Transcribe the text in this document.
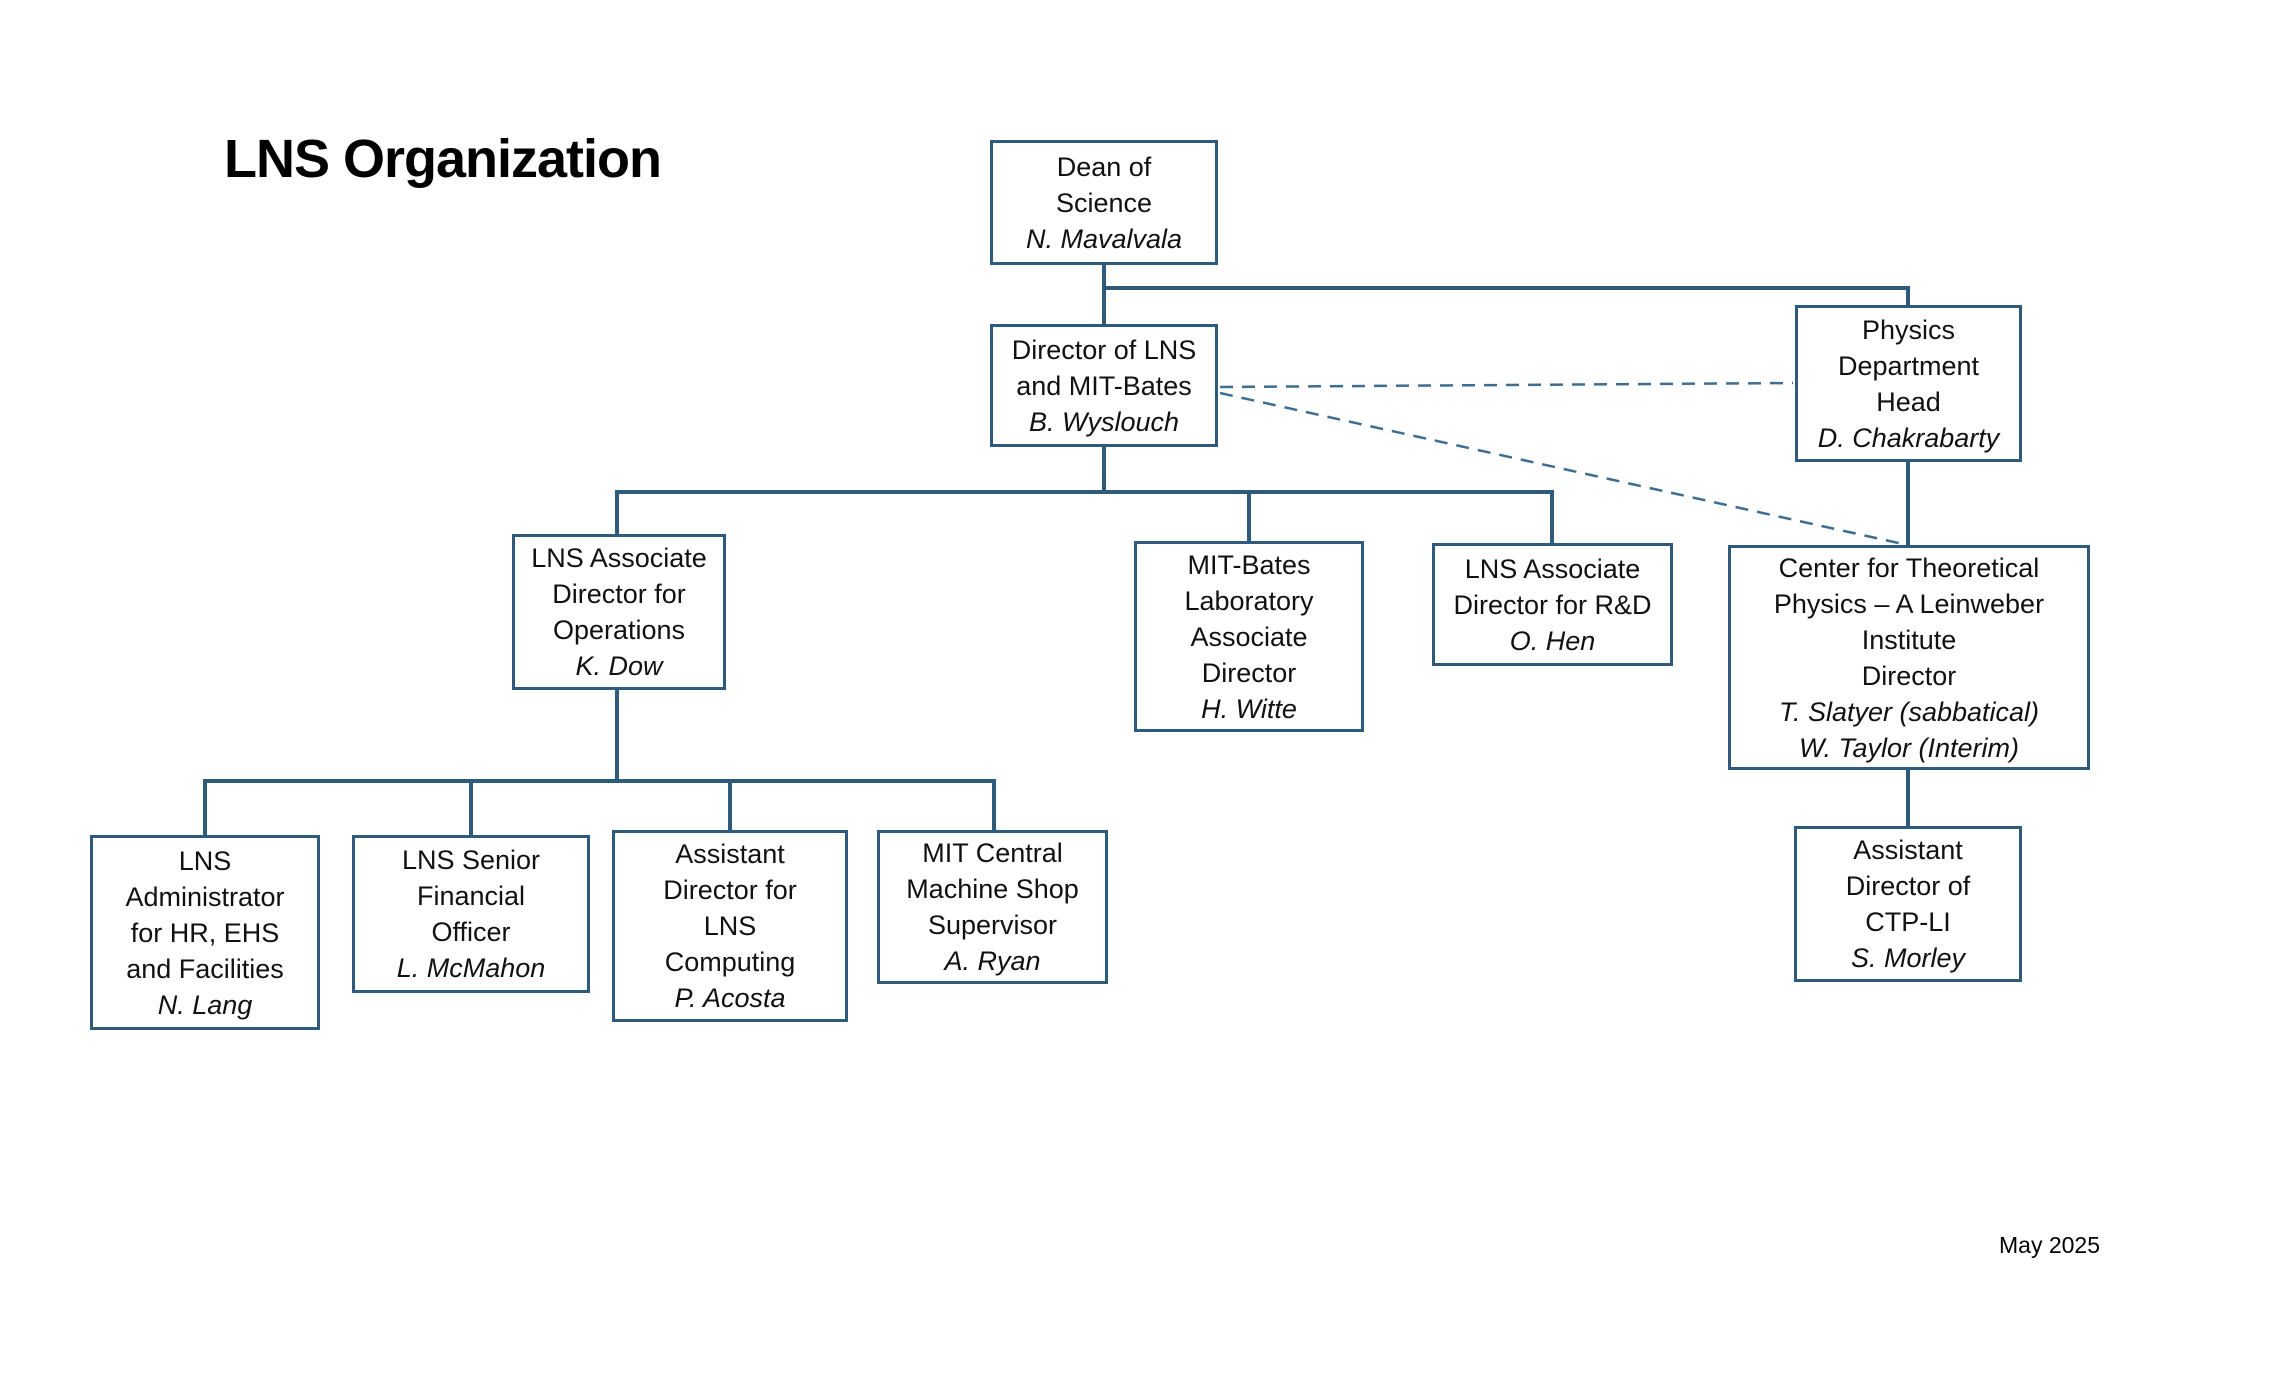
LNS Organization	Dean of
Science
N. Mavalvala
Director of LNS
and MIT-Bates
B. Wyslouch
Physics
Department
Head
D. Chakrabarty
LNS Associate
Director for
Operations
K. Dow
MIT-Bates
Laboratory
Associate
Director
H. Witte
LNS Associate
Director for R&D
O. Hen
Center for Theoretical
Physics – A Leinweber
Institute
Director
T. Slatyer (sabbatical)
W. Taylor (Interim)
LNS
Administrator
for HR, EHS
and Facilities
N. Lang
LNS Senior
Financial
Officer
L. McMahon
Assistant
Director for
LNS
Computing
P. Acosta
MIT Central
Machine Shop
Supervisor
A. Ryan
Assistant
Director of
CTP-LI
S. Morley
May 2025
